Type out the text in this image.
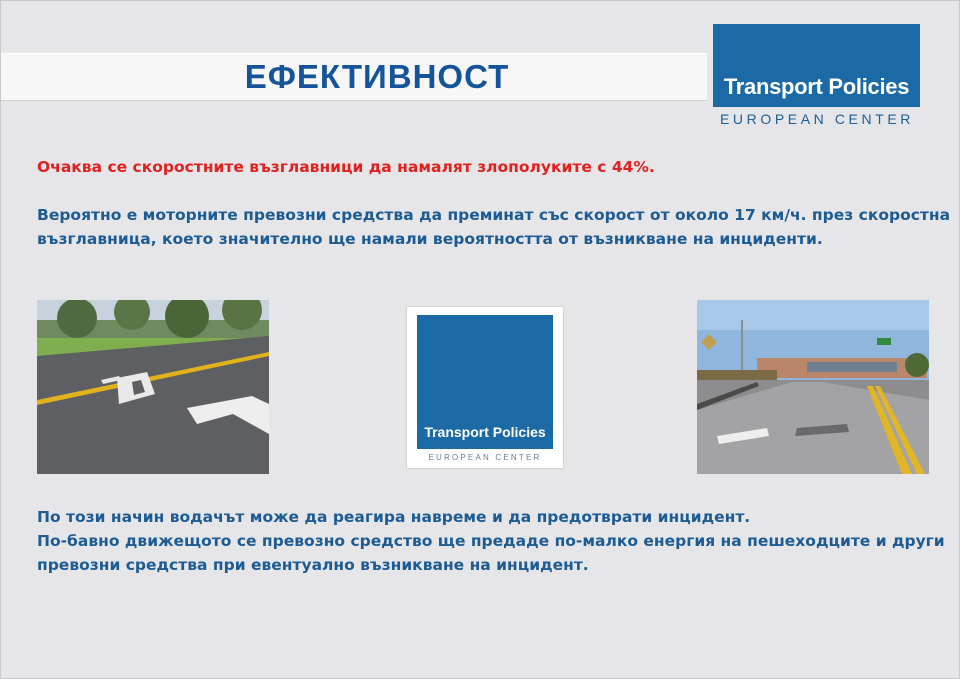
ЕФЕКТИВНОСТ	Transport Policies
EUROPEAN CENTER
Очаква се скоростните възглавници да намалят злополуките с 44%.
Вероятно е моторните превозни средства да преминат със скорост от около 17 км/ч. през скоростна
възглавница, което значително ще намали вероятността от възникване на инциденти.
Transport Policies
EUROPEAN CENTER
По този начин водачът може да реагира навреме и да предотврати инцидент.
По-бавно движещото се превозно средство ще предаде по-малко енергия на пешеходците и други
превозни средства при евентуално възникване на инцидент.
